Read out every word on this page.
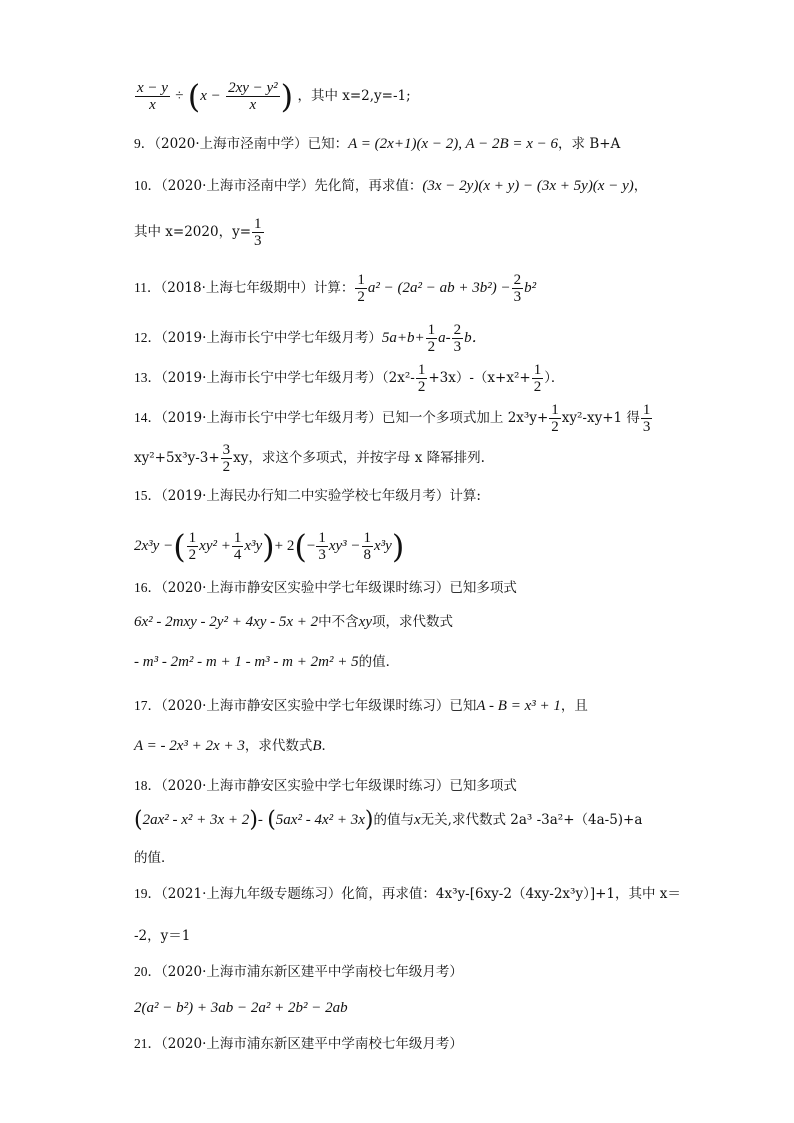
$\frac{x - y}{x} \div (x - \frac{\text{2xy − y²}}{x}$ ) ，其中 x=2,y=-1;
9．（2020·上海市泾南中学）已知：A = (2x+1)(x − 2), A − 2B = x − 6，求 B+A
10．（2020·上海市泾南中学）先化简，再求值：(3x − 2y)(x + y) − (3x + 5y)(x − y)，
其中 x=2020，$y= \frac{1}{3}$
11．（2018·上海七年级期中）计算： $\frac{1}{2} a^2 - (2a^2$ − ab + $3b^2) - \frac{2}{3} b^2$
12．（2019·上海市长宁中学七年级月考）$5a+b+ \frac{1}{2} a- \frac{2}{3}$ b．
13．（2019·上海市长宁中学七年级月考）$(2x^2- \frac{1}{2} +3x)-(x+x^2+ \frac{1}{2}$ ）．
14．（2019·上海市长宁中学七年级月考）已知一个多项式加上 $2x^3y+ \frac{1}{2} xy^2-xy+1$ 得 $\frac{1}{3}$
$xy^2+5x^3y-3+ \frac{3}{2}$ xy，求这个多项式，并按字母 x 降幂排列.
15．（2019·上海民办行知二中实验学校七年级月考）计算:
2x³y −( $\frac{1}{2} xy^2 + \frac{1}{4} x^3y)+ 2(- \frac{1}{3} xy^3 - \frac{1}{8} x^3y)$
16．（2020·上海市静安区实验中学七年级课时练习）已知多项式
6x² - 2mxy - 2y² + 4xy - 5x + 2中不含xy项，求代数式
- m³ - 2m² - m + 1 - m³ - m + 2m² + 5的值．
17．（2020·上海市静安区实验中学七年级课时练习）已知A - B = x³ + 1，且
A = - 2x³ + 2x + 3，求代数式B．
18．（2020·上海市静安区实验中学七年级课时练习）已知多项式
(2ax² - x² + 3x + 2)- (5ax² - 4x² + 3x)的值与x无关,求代数式 2a³ -3a²+（4a-5)+a
的值．
19．（2021·上海九年级专题练习）化简，再求值：4x³y-[6xy-2（4xy-2x³y）]+1，其中 x＝
-2，y＝1
20．（2020·上海市浦东新区建平中学南校七年级月考）
2(a² − b²) + 3ab − 2a² + 2b² − 2ab
21．（2020·上海市浦东新区建平中学南校七年级月考）
